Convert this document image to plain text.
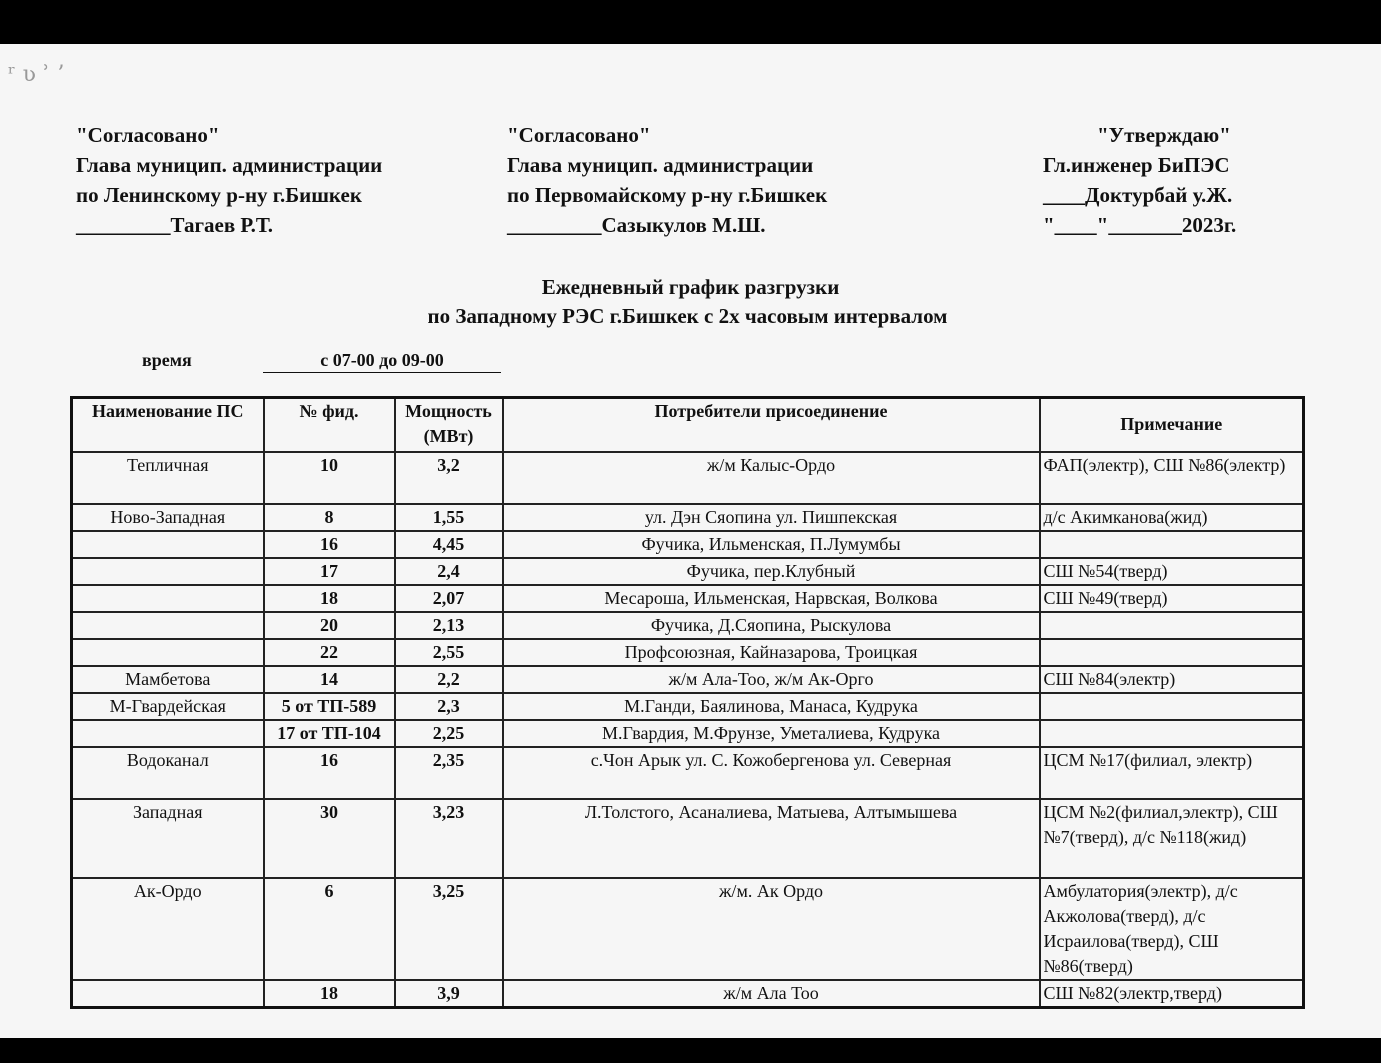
ʳ ʋ ʾ ʼ
"Согласовано"
Глава муницип. администрации
по Ленинскому р-ну г.Бишкек
_________Тагаев Р.Т.
"Согласовано"
Глава муницип. администрации
по Первомайскому р-ну г.Бишкек
_________Сазыкулов М.Ш.
"Утверждаю"
Гл.инженер БиПЭС
____Доктурбай у.Ж.
"____"_______2023г.
Ежедневный график разгрузки
по Западному РЭС г.Бишкек с 2х часовым интервалом
время	с 07-00 до 09-00
Наименование ПС	№ фид.	Мощность (МВт)	Потребители присоединение	Примечание
Тепличная	10	3,2	ж/м Калыс-Ордо	ФАП(электр), СШ №86(электр)
Ново-Западная	8	1,55	ул. Дэн Сяопина ул. Пишпекская	д/с Акимканова(жид)
	16	4,45	Фучика, Ильменская, П.Лумумбы	
	17	2,4	Фучика, пер.Клубный	СШ №54(тверд)
	18	2,07	Месароша, Ильменская, Нарвская, Волкова	СШ №49(тверд)
	20	2,13	Фучика, Д.Сяопина, Рыскулова	
	22	2,55	Профсоюзная, Кайназарова, Троицкая	
Мамбетова	14	2,2	ж/м Ала-Тоо, ж/м Ак-Орго	СШ №84(электр)
М-Гвардейская	5 от ТП-589	2,3	М.Ганди, Баялинова, Манаса, Кудрука	
	17 от ТП-104	2,25	М.Гвардия, М.Фрунзе, Уметалиева, Кудрука	
Водоканал	16	2,35	с.Чон Арык ул. С. Кожобергенова ул. Северная	ЦСМ №17(филиал, электр)
Западная	30	3,23	Л.Толстого, Асаналиева, Матыева, Алтымышева	ЦСМ №2(филиал,электр), СШ №7(тверд), д/с №118(жид)
Ак-Ордо	6	3,25	ж/м. Ак Ордо	Амбулатория(электр), д/с Акжолова(тверд), д/с Исраилова(тверд), СШ №86(тверд)
	18	3,9	ж/м Ала Тоо	СШ №82(электр,тверд)
